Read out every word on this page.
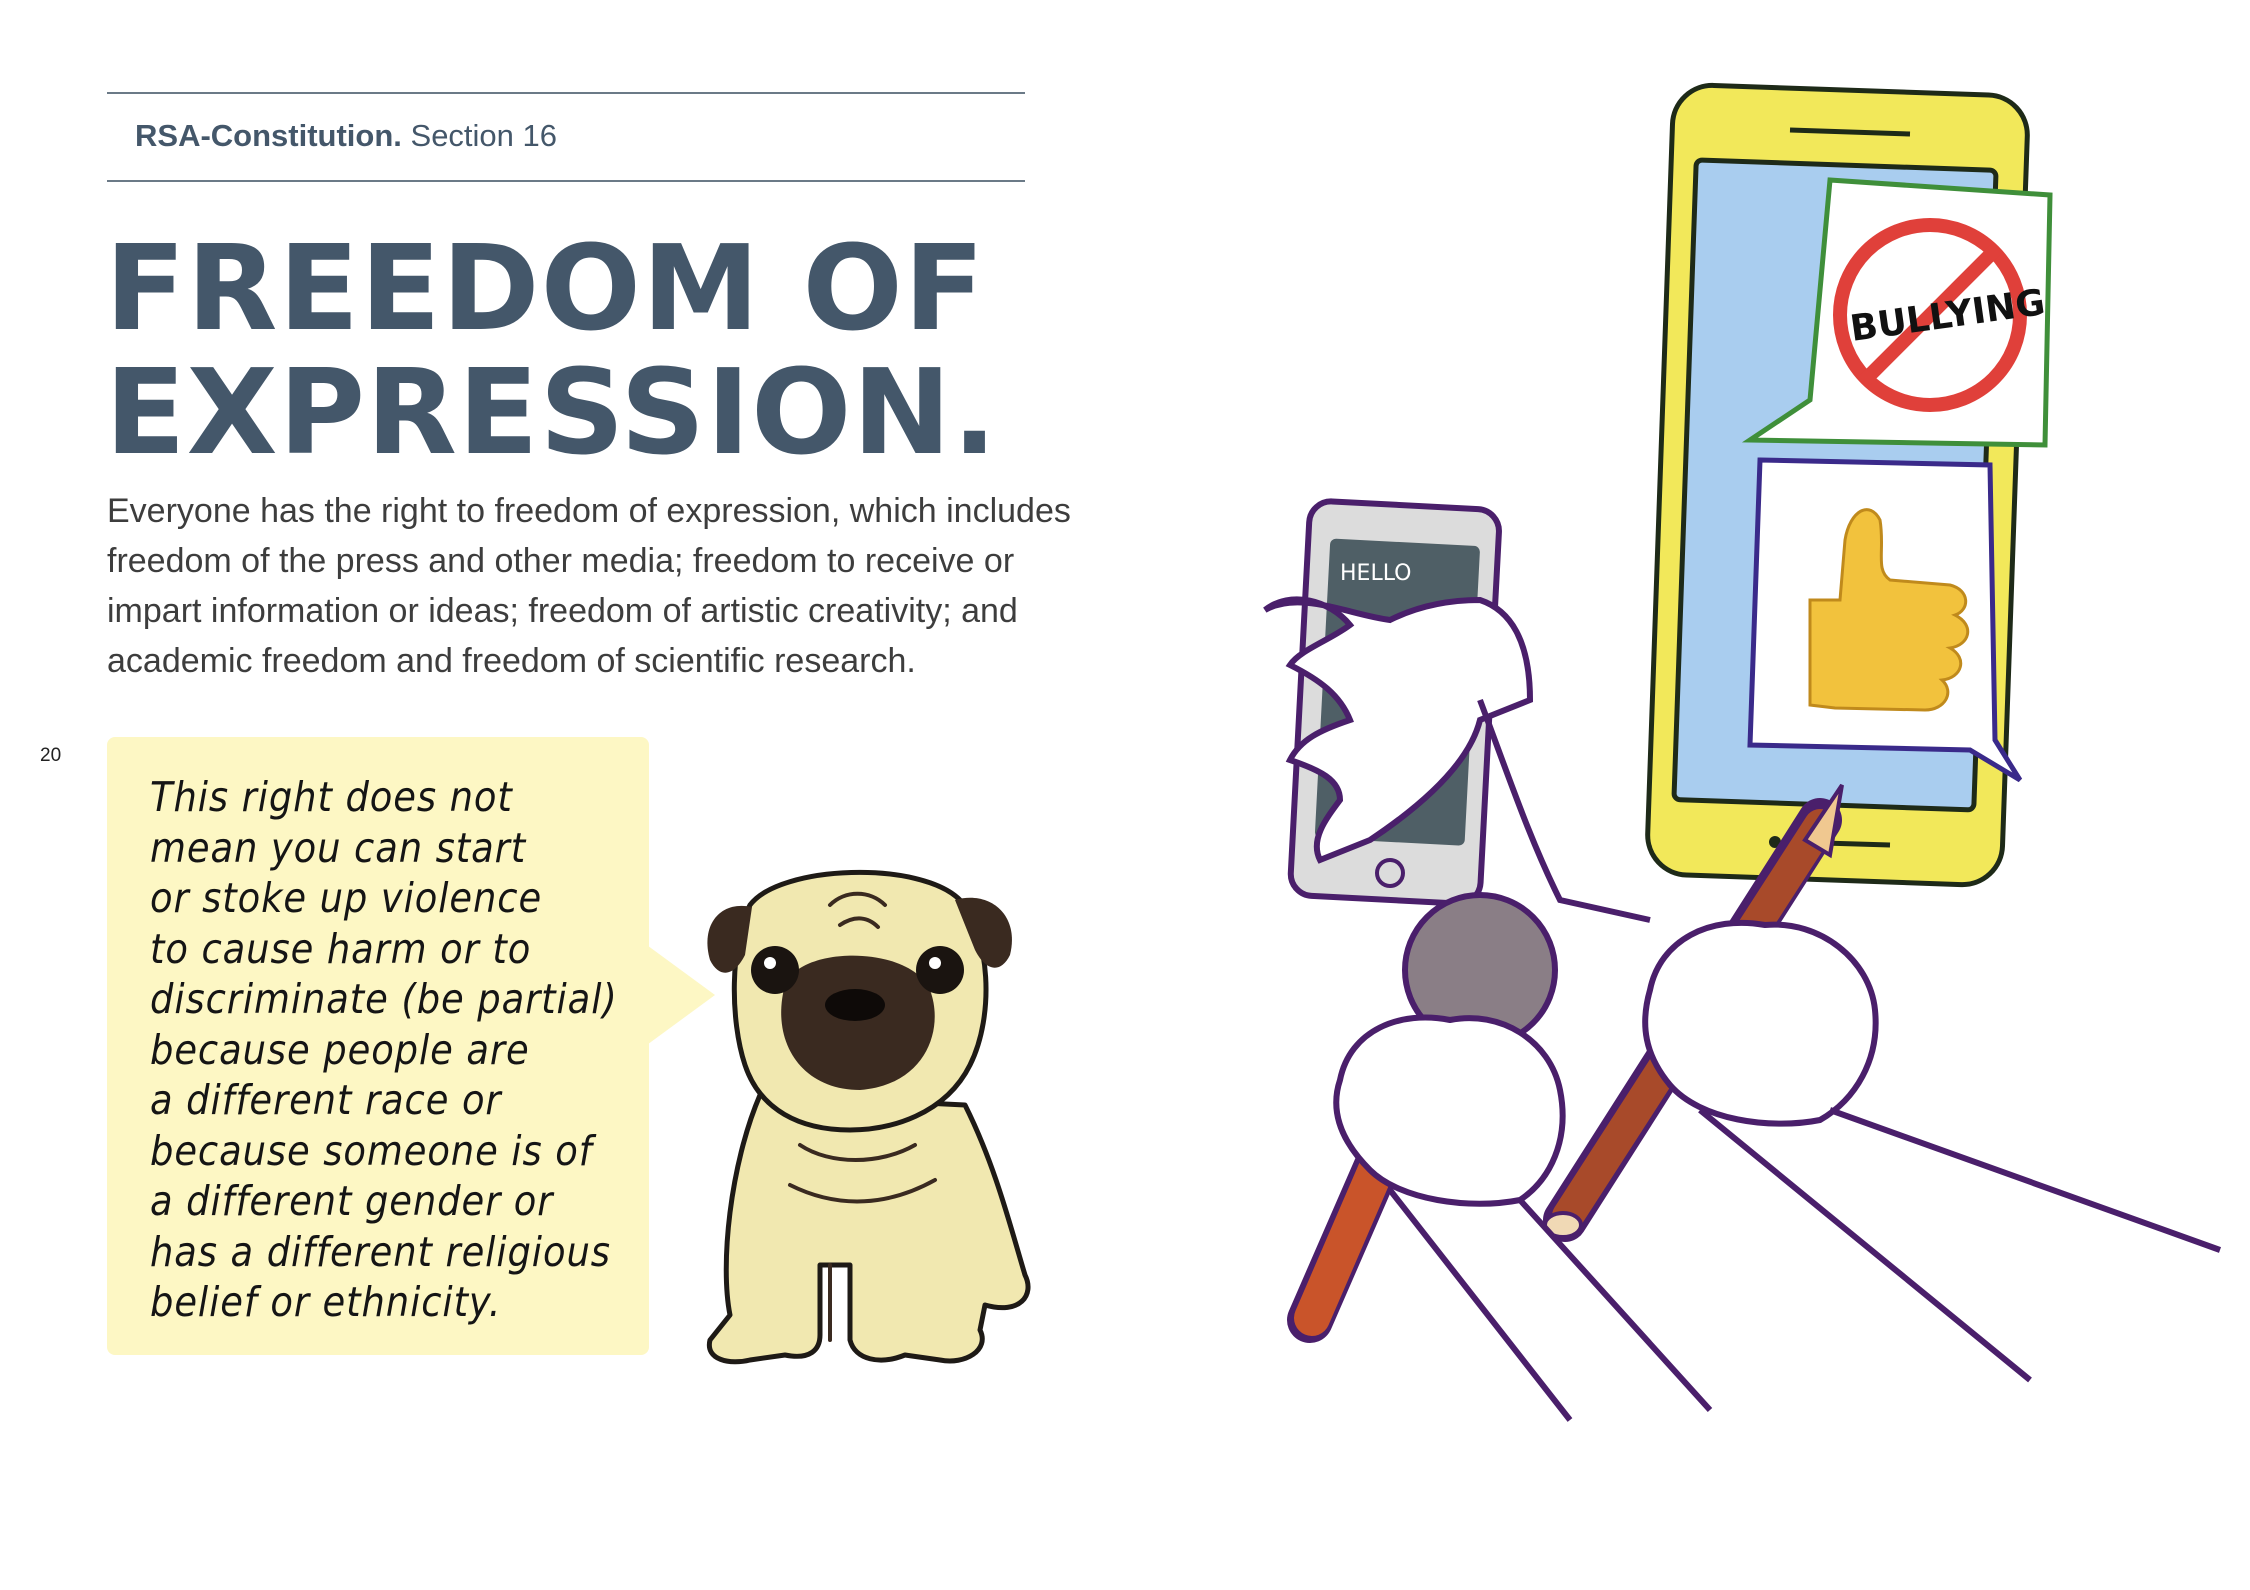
RSA-Constitution. Section 16
FREEDOM OF
EXPRESSION.

Everyone has the right to freedom of expression, which includes
freedom of the press and other media; freedom to receive or
impart information or ideas; freedom of artistic creativity; and
academic freedom and freedom of scientific research.

20

This right does not
mean you can start
or stoke up violence
to cause harm or to
discriminate (be partial)
because people are
a different race or
because someone is of
a different gender or
has a different religious
belief or ethnicity.

BULLYING
HELLO
